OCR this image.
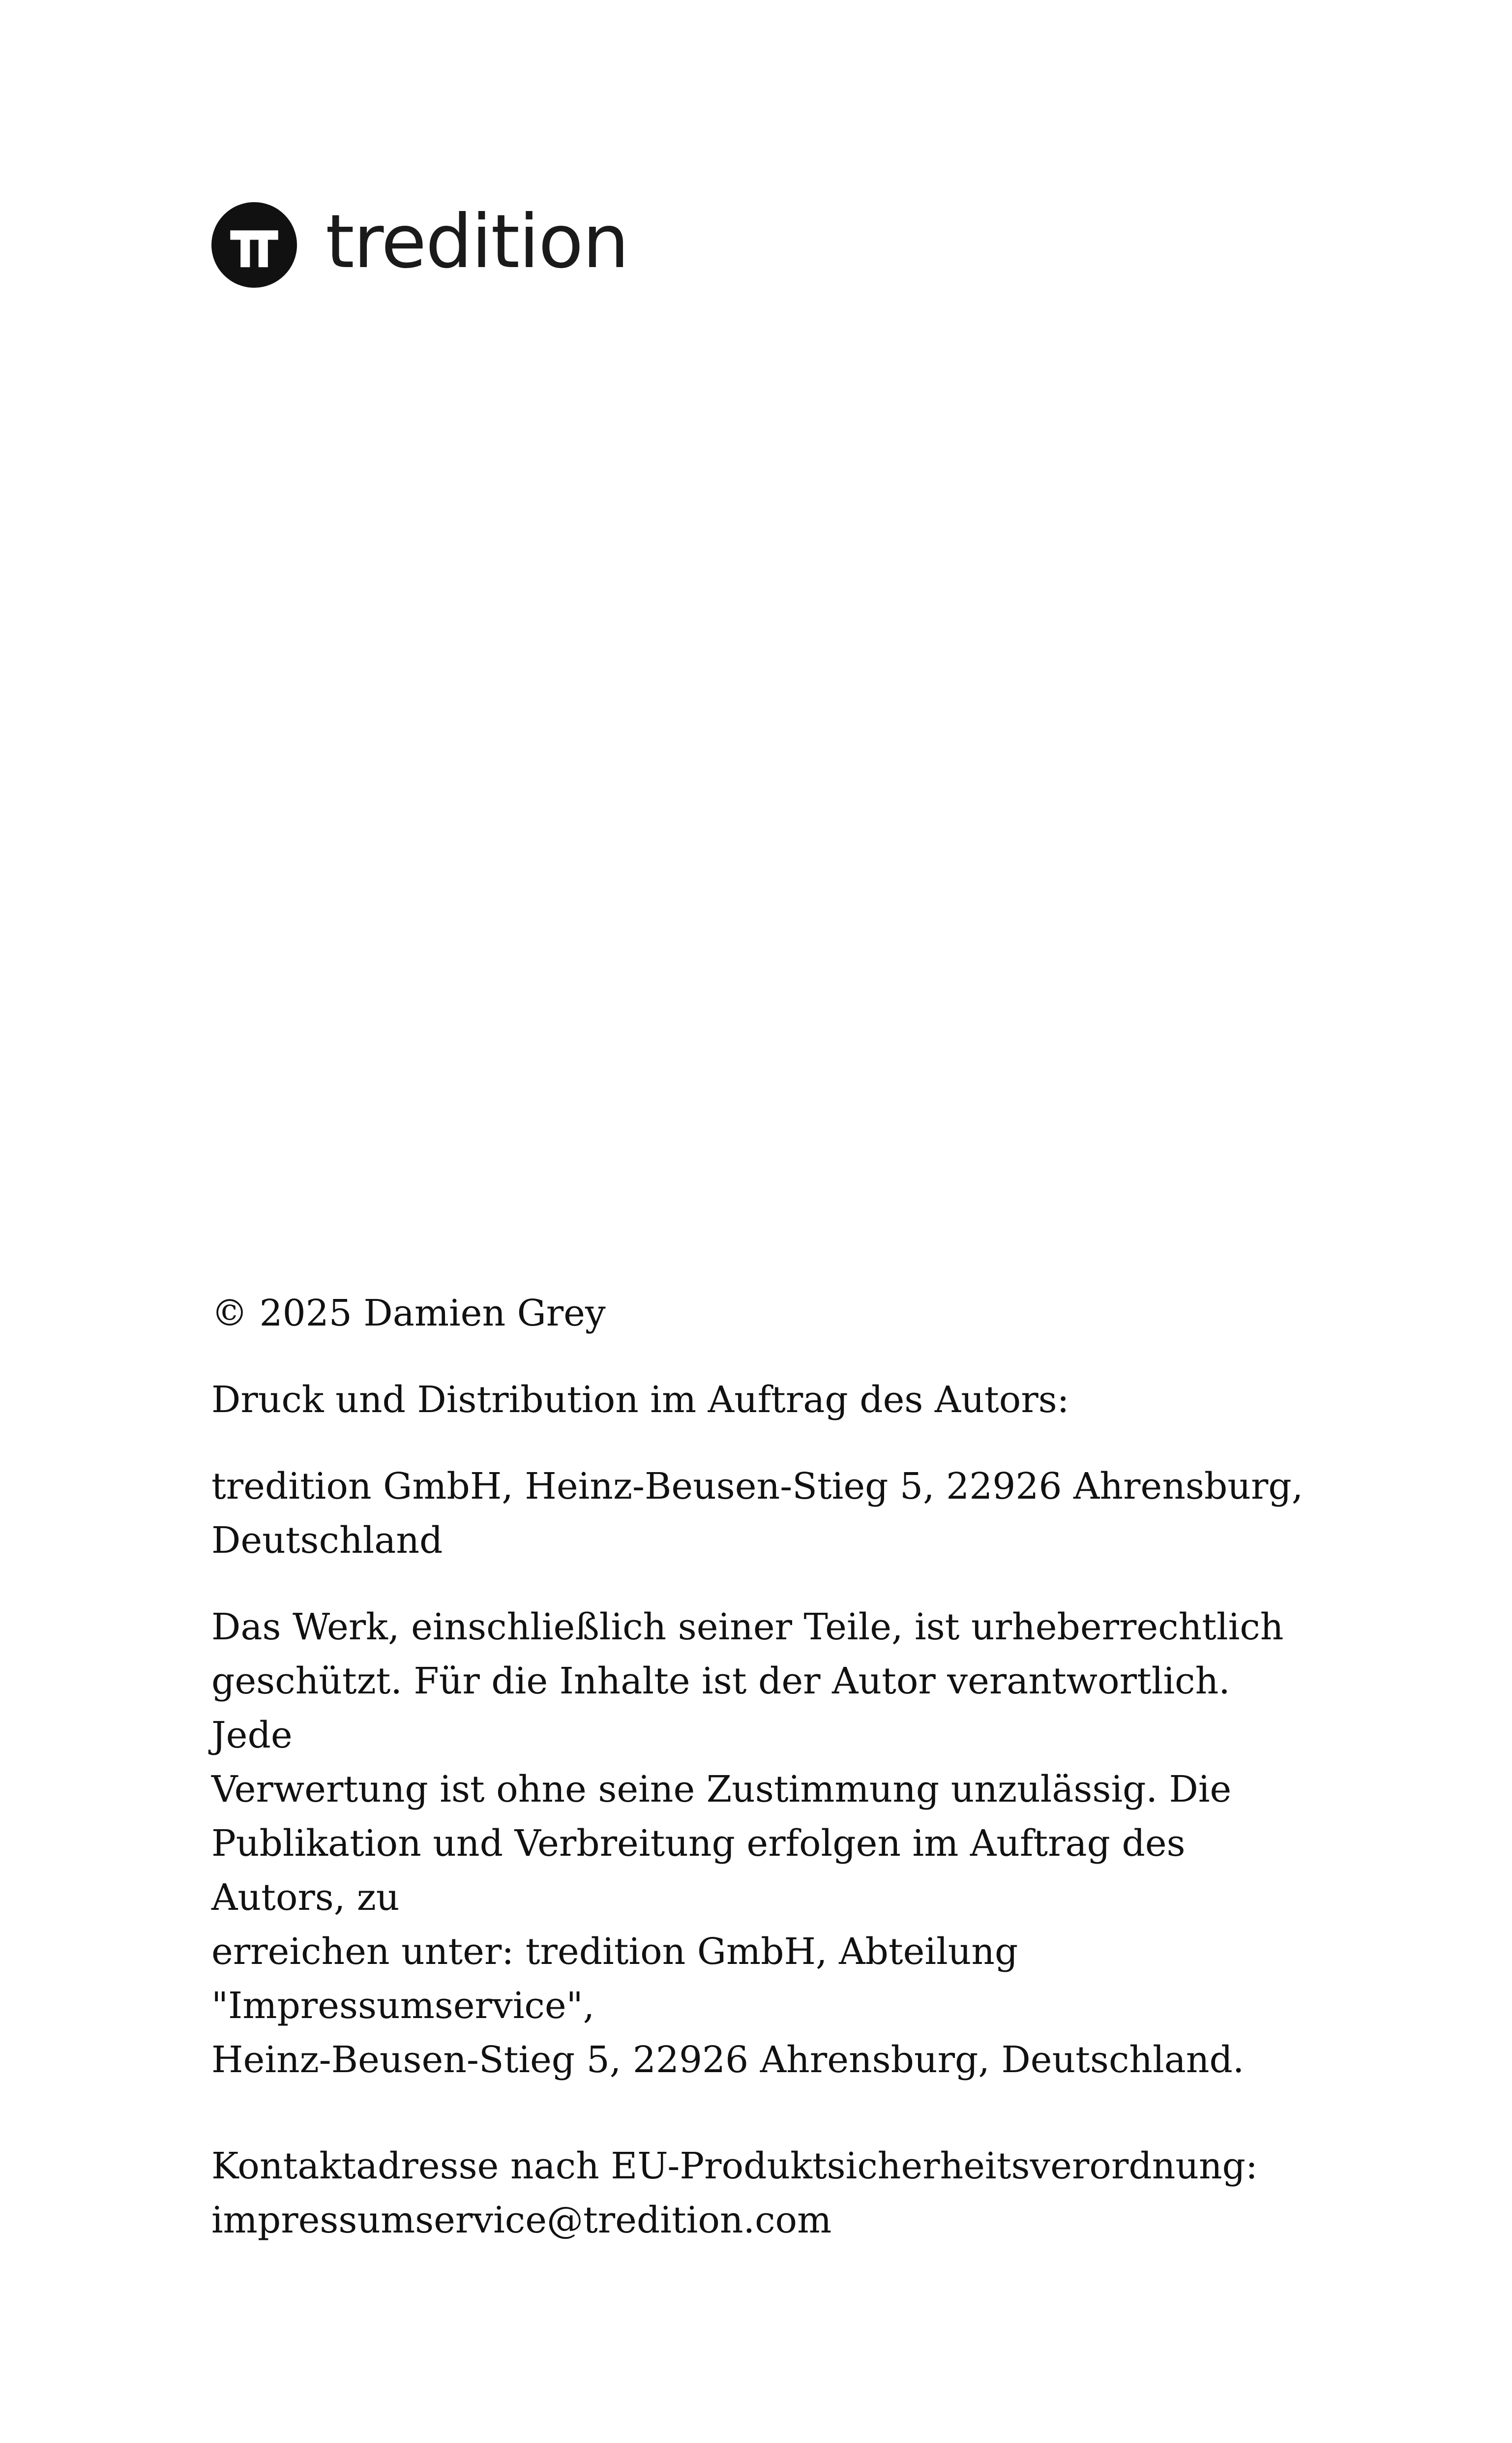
tredition

© 2025 Damien Grey

Druck und Distribution im Auftrag des Autors:

tredition GmbH, Heinz-Beusen-Stieg 5, 22926 Ahrensburg,

Deutschland

Das Werk, einschließlich seiner Teile, ist urheberrechtlich

geschützt. Für die Inhalte ist der Autor verantwortlich. Jede

Verwertung ist ohne seine Zustimmung unzulässig. Die

Publikation und Verbreitung erfolgen im Auftrag des Autors, zu

erreichen unter: tredition GmbH, Abteilung "Impressumservice",

Heinz-Beusen-Stieg 5, 22926 Ahrensburg, Deutschland.

Kontaktadresse nach EU-Produktsicherheitsverordnung:

impressumservice@tredition.com
